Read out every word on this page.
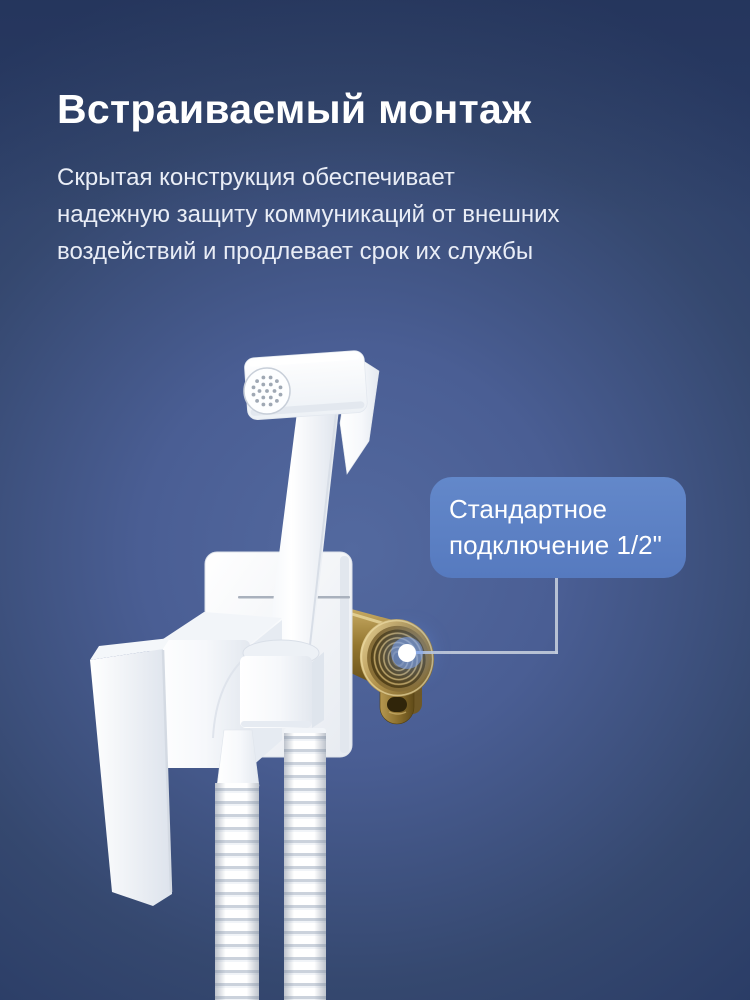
Встраиваемый монтаж
Скрытая конструкция обеспечивает
надежную защиту коммуникаций от внешних
воздействий и продлевает срок их службы
Стандартное
подключение 1/2"
